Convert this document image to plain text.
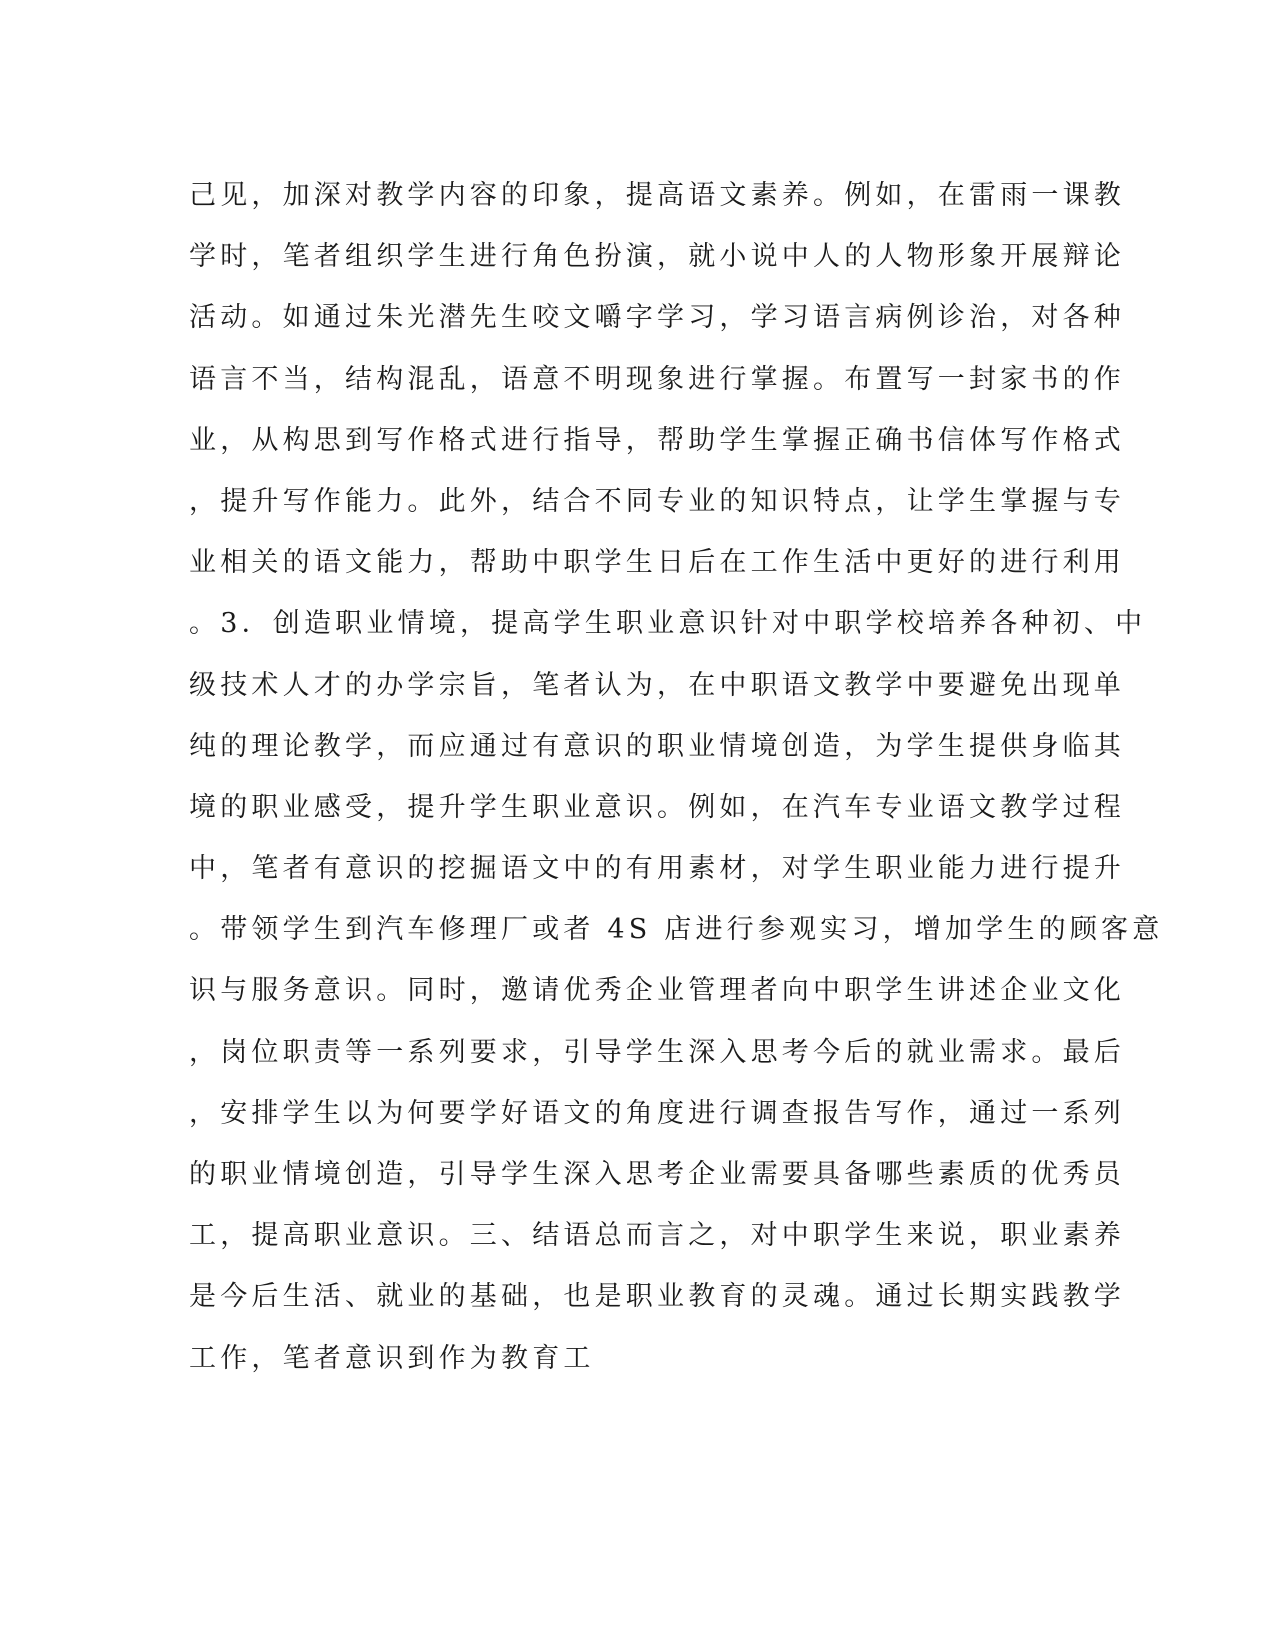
己见，加深对教学内容的印象，提高语文素养。例如，在雷雨一课教
学时，笔者组织学生进行角色扮演，就小说中人的人物形象开展辩论
活动。如通过朱光潜先生咬文嚼字学习，学习语言病例诊治，对各种
语言不当，结构混乱，语意不明现象进行掌握。布置写一封家书的作
业，从构思到写作格式进行指导，帮助学生掌握正确书信体写作格式
，提升写作能力。此外，结合不同专业的知识特点，让学生掌握与专
业相关的语文能力，帮助中职学生日后在工作生活中更好的进行利用
。3．创造职业情境，提高学生职业意识针对中职学校培养各种初、中
级技术人才的办学宗旨，笔者认为，在中职语文教学中要避免出现单
纯的理论教学，而应通过有意识的职业情境创造，为学生提供身临其
境的职业感受，提升学生职业意识。例如，在汽车专业语文教学过程
中，笔者有意识的挖掘语文中的有用素材，对学生职业能力进行提升
。带领学生到汽车修理厂或者 4S 店进行参观实习，增加学生的顾客意
识与服务意识。同时，邀请优秀企业管理者向中职学生讲述企业文化
，岗位职责等一系列要求，引导学生深入思考今后的就业需求。最后
，安排学生以为何要学好语文的角度进行调查报告写作，通过一系列
的职业情境创造，引导学生深入思考企业需要具备哪些素质的优秀员
工，提高职业意识。三、结语总而言之，对中职学生来说，职业素养
是今后生活、就业的基础，也是职业教育的灵魂。通过长期实践教学
工作，笔者意识到作为教育工
